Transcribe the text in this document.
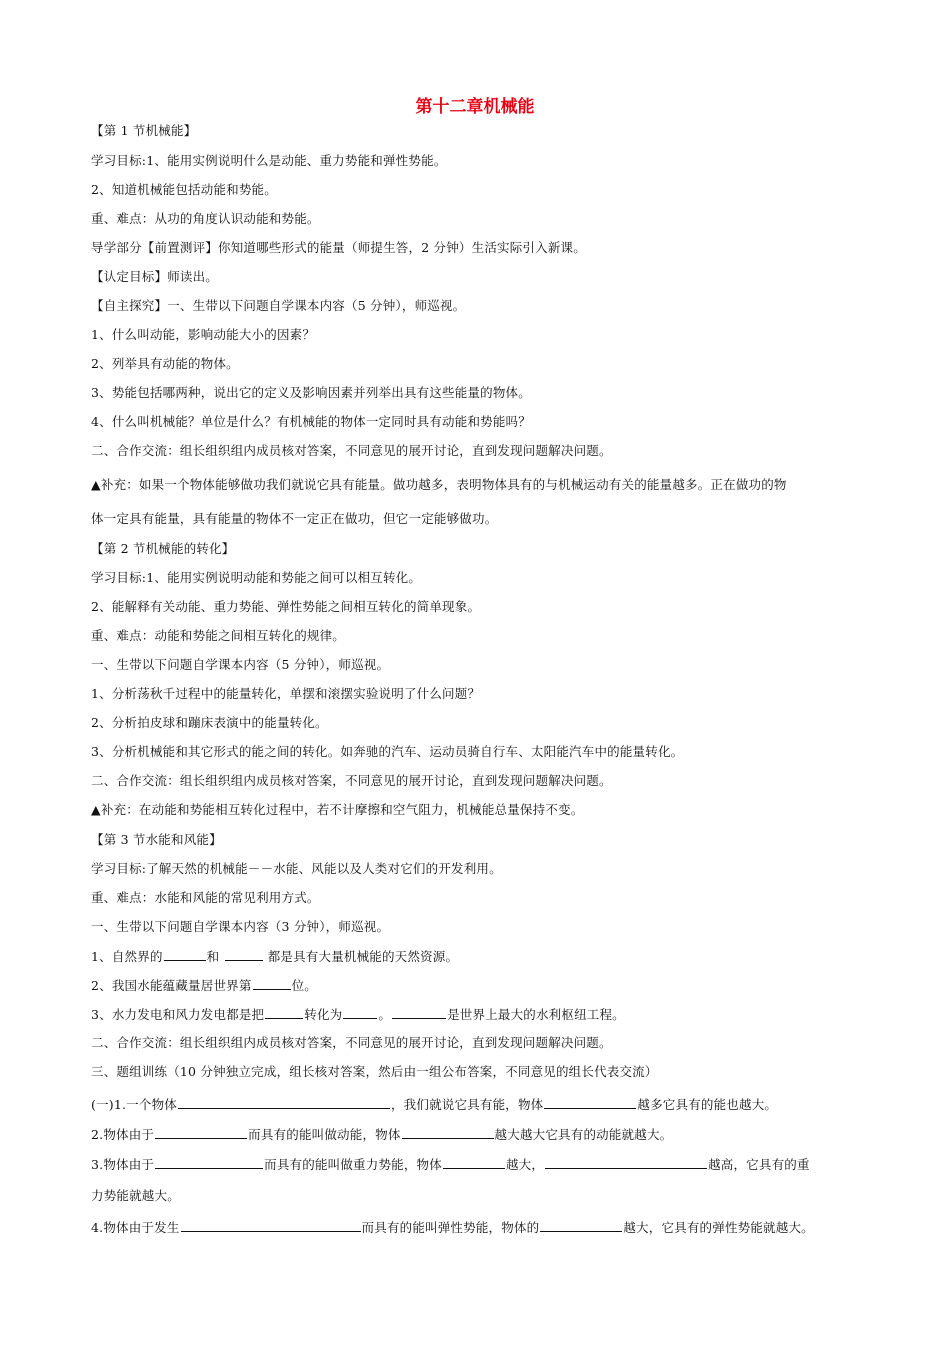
第十二章机械能
【第 1 节机械能】
学习目标:1、能用实例说明什么是动能、重力势能和弹性势能。
2、知道机械能包括动能和势能。
重、难点：从功的角度认识动能和势能。
导学部分【前置测评】你知道哪些形式的能量（师提生答，2 分钟）生活实际引入新课。
【认定目标】师读出。
【自主探究】一、生带以下问题自学课本内容（5 分钟），师巡视。
1、什么叫动能，影响动能大小的因素？
2、列举具有动能的物体。
3、势能包括哪两种，说出它的定义及影响因素并列举出具有这些能量的物体。
4、什么叫机械能？单位是什么？有机械能的物体一定同时具有动能和势能吗？
二、合作交流：组长组织组内成员核对答案，不同意见的展开讨论，直到发现问题解决问题。
▲补充：如果一个物体能够做功我们就说它具有能量。做功越多，表明物体具有的与机械运动有关的能量越多。正在做功的物
体一定具有能量，具有能量的物体不一定正在做功，但它一定能够做功。
【第 2 节机械能的转化】
学习目标:1、能用实例说明动能和势能之间可以相互转化。
2、能解释有关动能、重力势能、弹性势能之间相互转化的简单现象。
重、难点：动能和势能之间相互转化的规律。
一、生带以下问题自学课本内容（5 分钟），师巡视。
1、分析荡秋千过程中的能量转化，单摆和滚摆实验说明了什么问题？
2、分析拍皮球和蹦床表演中的能量转化。
3、分析机械能和其它形式的能之间的转化。如奔驰的汽车、运动员骑自行车、太阳能汽车中的能量转化。
二、合作交流：组长组织组内成员核对答案，不同意见的展开讨论，直到发现问题解决问题。
▲补充：在动能和势能相互转化过程中，若不计摩擦和空气阻力，机械能总量保持不变。
【第 3 节水能和风能】
学习目标:了解天然的机械能－－水能、风能以及人类对它们的开发利用。
重、难点：水能和风能的常见利用方式。
一、生带以下问题自学课本内容（3 分钟），师巡视。
1、自然界的	和	都是具有大量机械能的天然资源。
2、我国水能蕴藏量居世界第	位。
3、水力发电和风力发电都是把	转化为	。	是世界上最大的水利枢纽工程。
二、合作交流：组长组织组内成员核对答案，不同意见的展开讨论，直到发现问题解决问题。
三、题组训练（10 分钟独立完成，组长核对答案，然后由一组公布答案，不同意见的组长代表交流）
(一)1.一个物体	，我们就说它具有能，物体	越多它具有的能也越大。
2.物体由于	而具有的能叫做动能，物体	越大越大它具有的动能就越大。
3.物体由于	而具有的能叫做重力势能，物体	越大，	越高，它具有的重
力势能就越大。
4.物体由于发生	而具有的能叫弹性势能，物体的	越大，它具有的弹性势能就越大。
